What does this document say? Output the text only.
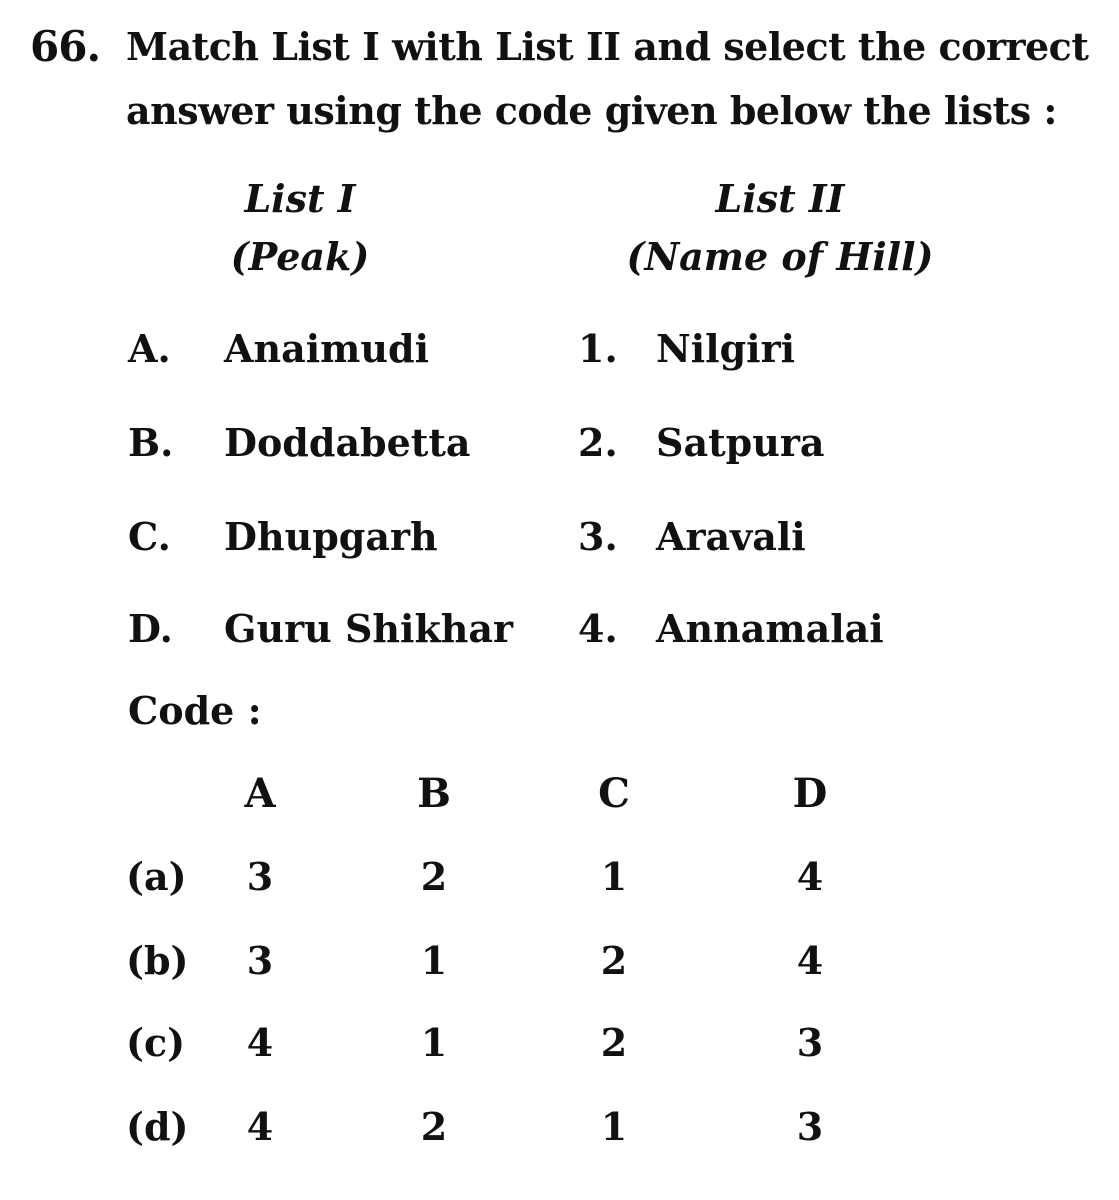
66. Match List I with List II and select the correct
answer using the code given below the lists :
List I
(Peak)
List II
(Name of Hill)
A. Anaimudi	1. Nilgiri
B. Doddabetta	2. Satpura
C. Dhupgarh	3. Aravali
D. Guru Shikhar 4. Annamalai
Code :
A	B	C	D
(a)	3	2	1	4
(b)	3	1	2	4
(c)	4	1	2	3
(d)	4	2	1	3
